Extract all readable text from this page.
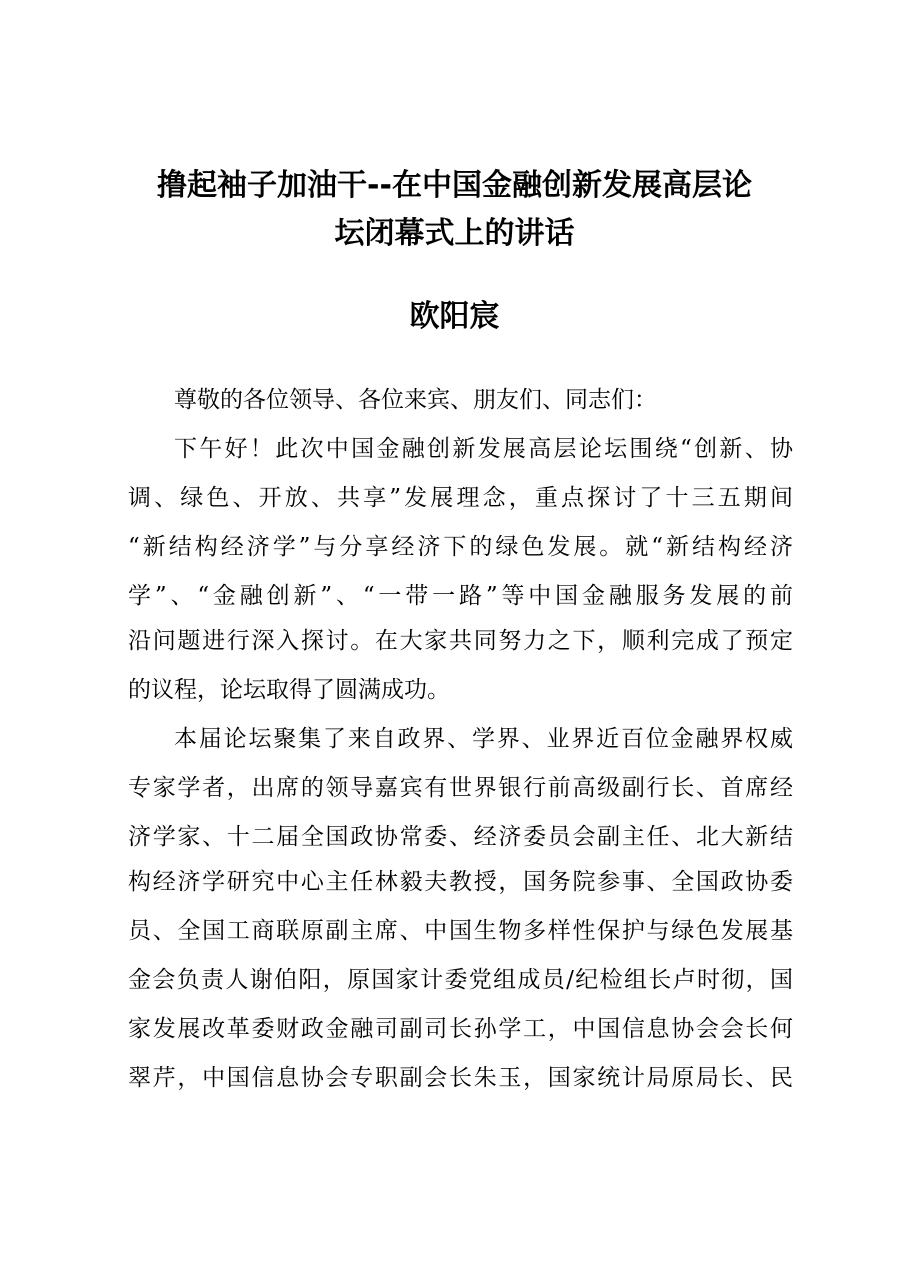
撸起袖子加油干--在中国金融创新发展高层论
坛闭幕式上的讲话
欧阳宸
尊敬的各位领导、各位来宾、朋友们、同志们：
下午好！此次中国金融创新发展高层论坛围绕“创新、协
调、绿色、开放、共享”发展理念，重点探讨了十三五期间
“新结构经济学”与分享经济下的绿色发展。就“新结构经济
学”、“金融创新”、“一带一路”等中国金融服务发展的前
沿问题进行深入探讨。在大家共同努力之下，顺利完成了预定
的议程，论坛取得了圆满成功。
本届论坛聚集了来自政界、学界、业界近百位金融界权威
专家学者，出席的领导嘉宾有世界银行前高级副行长、首席经
济学家、十二届全国政协常委、经济委员会副主任、北大新结
构经济学研究中心主任林毅夫教授，国务院参事、全国政协委
员、全国工商联原副主席、中国生物多样性保护与绿色发展基
金会负责人谢伯阳，原国家计委党组成员/纪检组长卢时彻，国
家发展改革委财政金融司副司长孙学工，中国信息协会会长何
翠芹，中国信息协会专职副会长朱玉，国家统计局原局长、民
